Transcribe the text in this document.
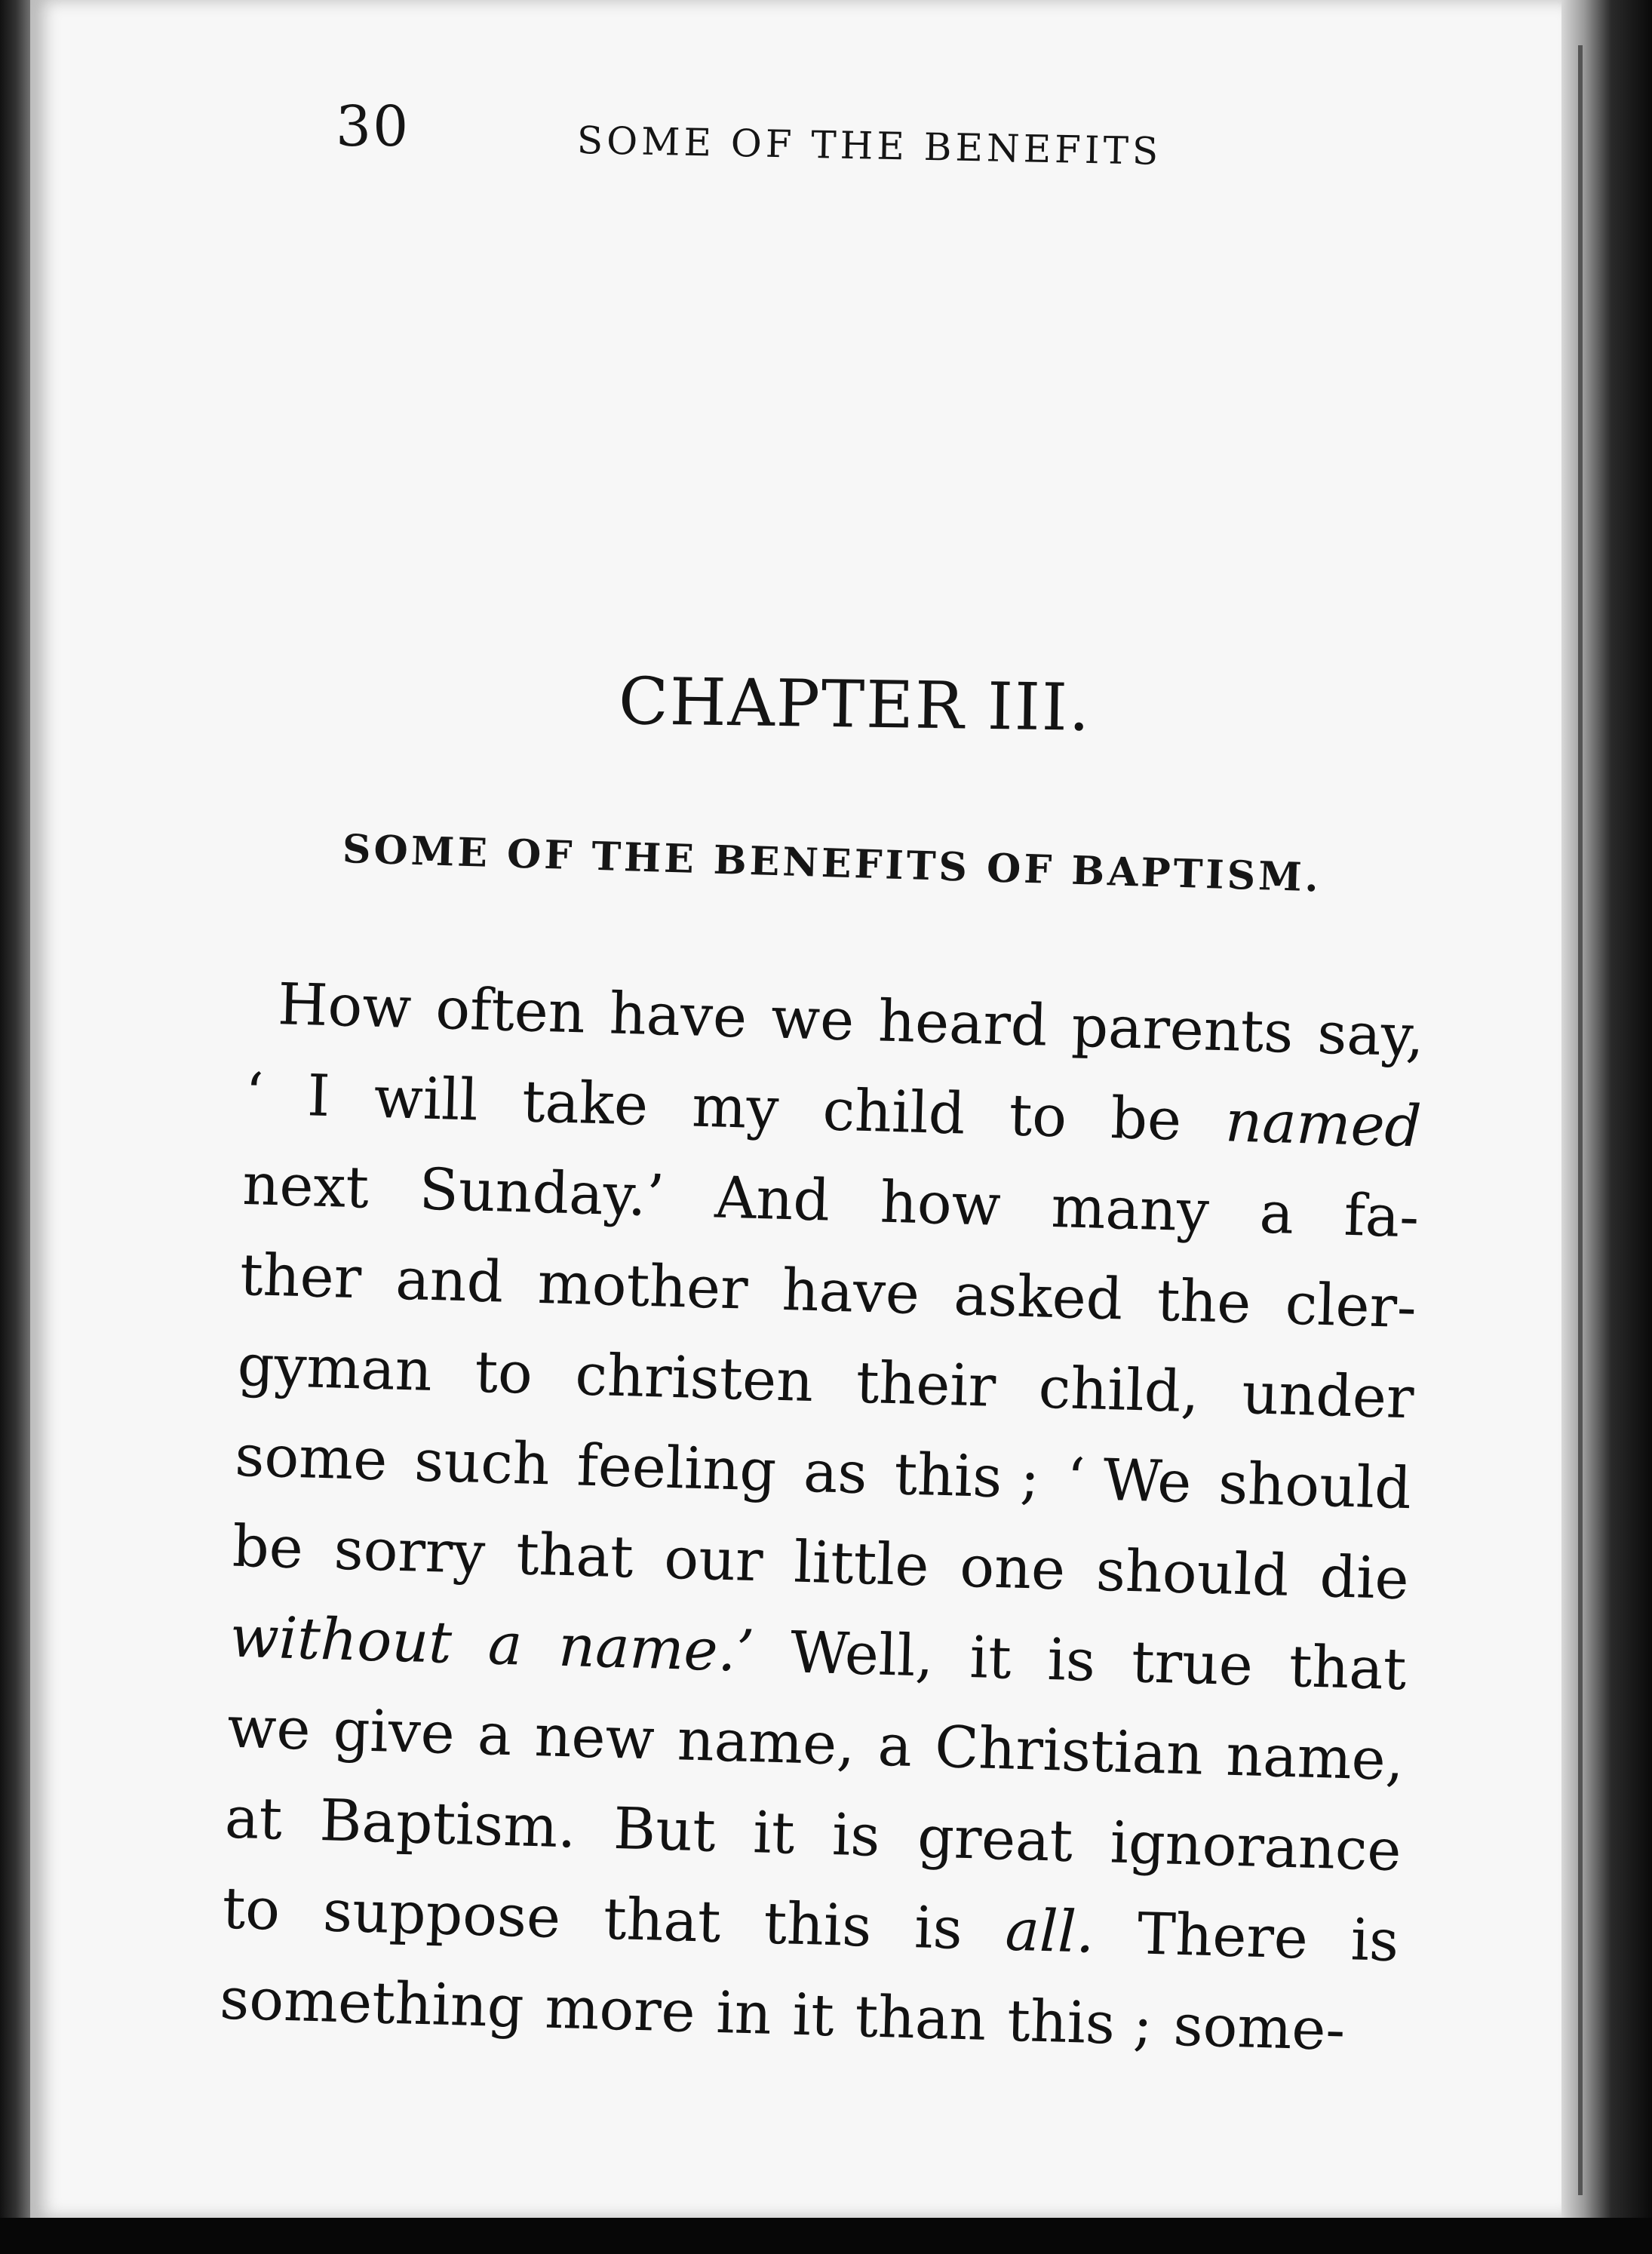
30	SOME OF THE BENEFITS
CHAPTER III.
SOME OF THE BENEFITS OF BAPTISM.
How often have we heard parents say,
‘ I will take my child to be named
next Sunday.’ And how many a fa-
ther and mother have asked the cler-
gyman to christen their child, under
some such feeling as this ; ‘ We should
be sorry that our little one should die
without a name.’ Well, it is true that
we give a new name, a Christian name,
at Baptism. But it is great ignorance
to suppose that this is all. There is
something more in it than this ; some-
